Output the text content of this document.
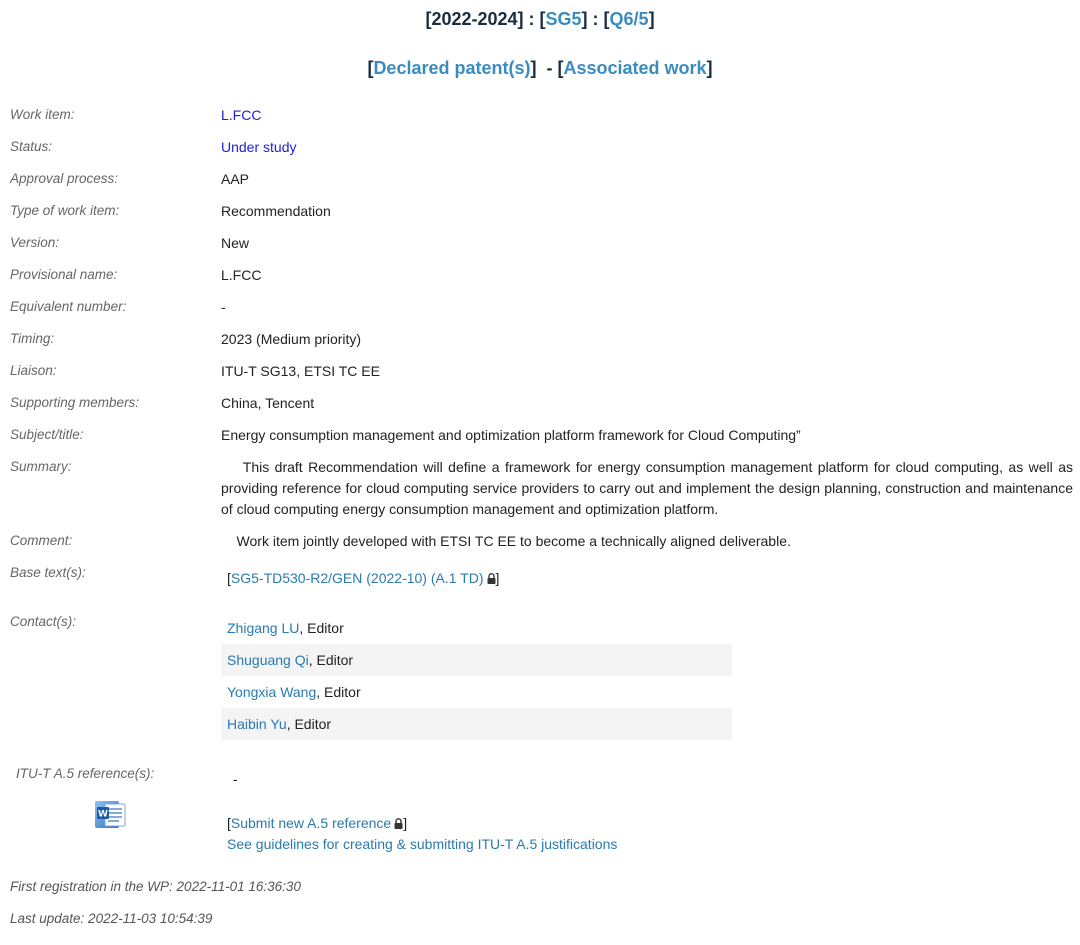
[2022-2024] : [SG5] : [Q6/5]
[Declared patent(s)]  - [Associated work]
Work item:	L.FCC
Status:	Under study
Approval process:	AAP
Type of work item:	Recommendation
Version:	New
Provisional name:	L.FCC
Equivalent number:	-
Timing:	2023 (Medium priority)
Liaison:	ITU-T SG13, ETSI TC EE
Supporting members:	China, Tencent
Subject/title:	Energy consumption management and optimization platform framework for Cloud Computing”
Summary:	This draft Recommendation will define a framework for energy consumption management platform for cloud computing, as well as providing reference for cloud computing service providers to carry out and implement the design planning, construction and maintenance of cloud computing energy consumption management and optimization platform.
Comment:	Work item jointly developed with ETSI TC EE to become a technically aligned deliverable.
Base text(s):	[SG5-TD530-R2/GEN (2022-10) (A.1 TD) ]
Contact(s):	Zhigang LU, Editor
Shuguang Qi, Editor
Yongxia Wang, Editor
Haibin Yu, Editor
ITU-T A.5 reference(s):	-
W
[Submit new A.5 reference ]
See guidelines for creating & submitting ITU-T A.5 justifications
First registration in the WP: 2022-11-01 16:36:30
Last update: 2022-11-03 10:54:39
